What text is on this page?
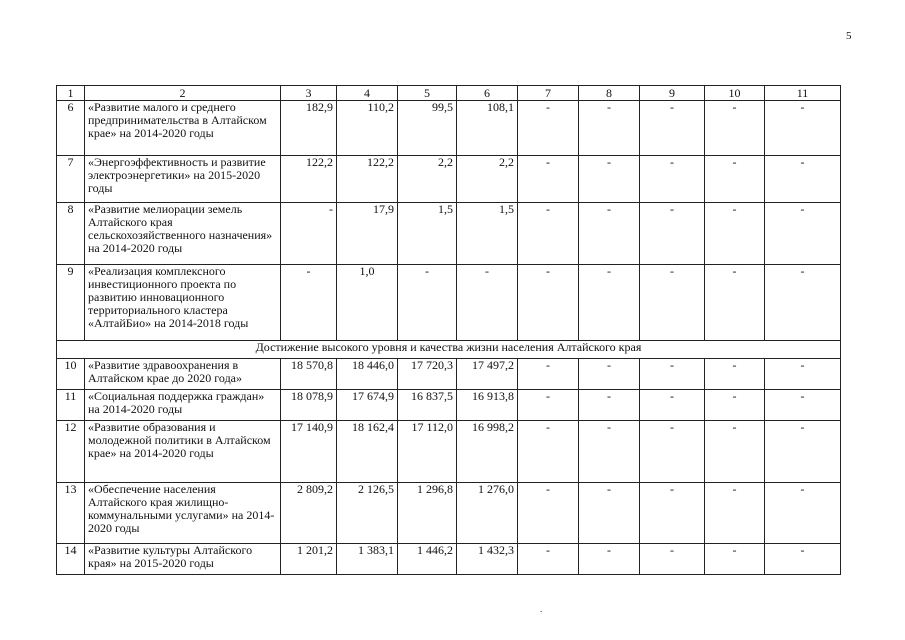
5
1	2	3	4	5	6	7	8	9	10	11
6	«Развитие малого и среднего предпринимательства в Алтайском крае» на 2014-2020 годы	182,9	110,2	99,5	108,1	-	-	-	-	-
7	«Энергоэффективность и развитие электроэнергетики» на 2015-2020 годы	122,2	122,2	2,2	2,2	-	-	-	-	-
8	«Развитие мелиорации земель Алтайского края сельскохозяйственного назначения» на 2014-2020 годы	-	17,9	1,5	1,5	-	-	-	-	-
9	«Реализация комплексного инвестиционного проекта по развитию инновационного территориального кластера «АлтайБио» на 2014-2018 годы	-	1,0	-	-	-	-	-	-	-
Достижение высокого уровня и качества жизни населения Алтайского края										
10	«Развитие здравоохранения в Алтайском крае до 2020 года»	18 570,8	18 446,0	17 720,3	17 497,2	-	-	-	-	-
11	«Социальная поддержка граждан» на 2014-2020 годы	18 078,9	17 674,9	16 837,5	16 913,8	-	-	-	-	-
12	«Развитие образования и молодежной политики в Алтайском крае» на 2014-2020 годы	17 140,9	18 162,4	17 112,0	16 998,2	-	-	-	-	-
13	«Обеспечение населения Алтайского края жилищно-коммунальными услугами» на 2014-2020 годы	2 809,2	2 126,5	1 296,8	1 276,0	-	-	-	-	-
14	«Развитие культуры Алтайского края» на 2015-2020 годы	1 201,2	1 383,1	1 446,2	1 432,3	-	-	-	-	-
.
